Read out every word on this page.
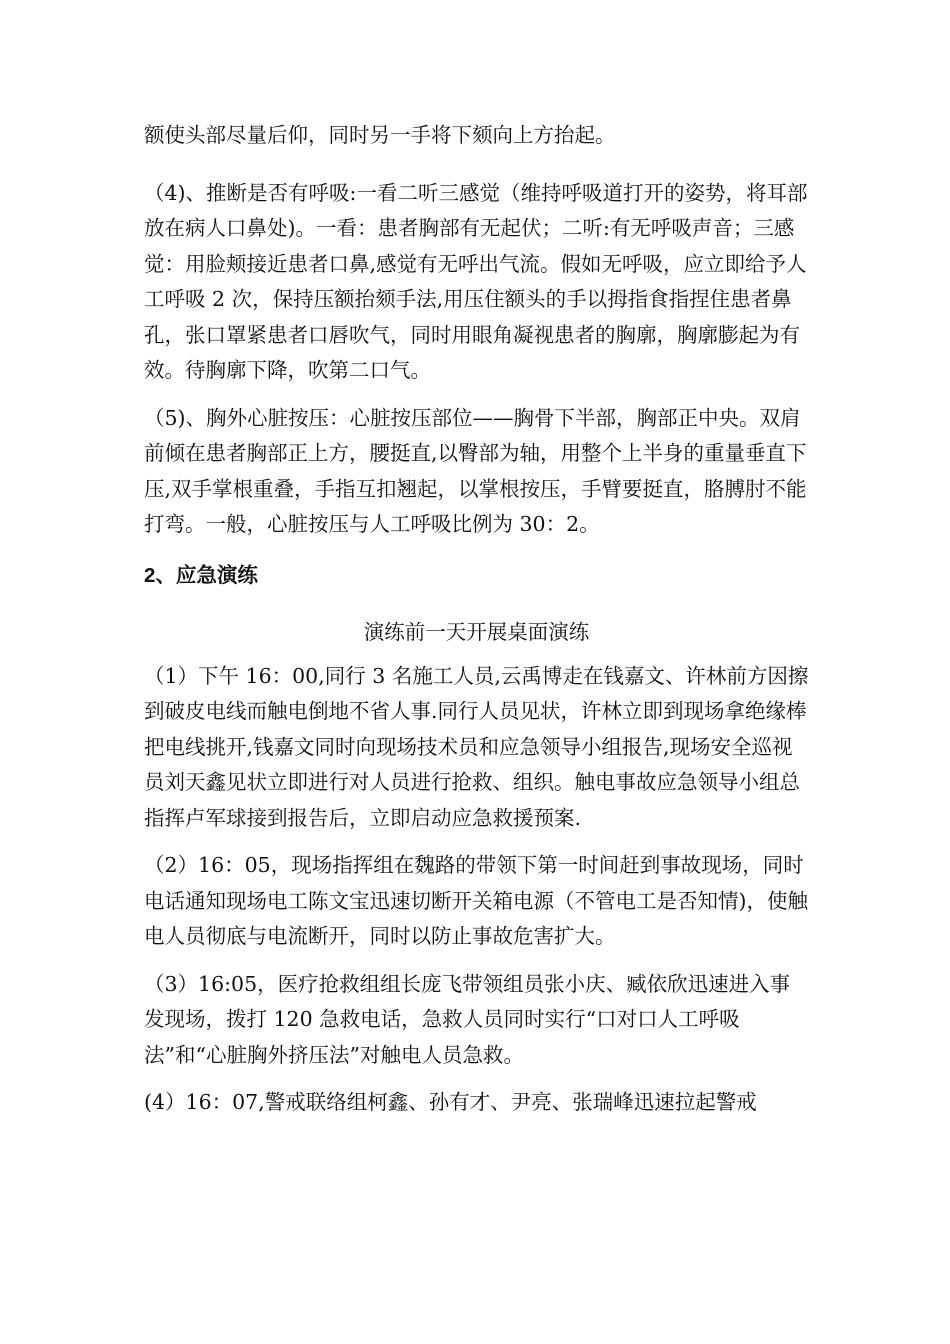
额使头部尽量后仰，同时另一手将下颏向上方抬起。

（4)、推断是否有呼吸:一看二听三感觉（维持呼吸道打开的姿势，将耳部放在病人口鼻处)。一看：患者胸部有无起伏；二听:有无呼吸声音；三感觉：用脸颊接近患者口鼻,感觉有无呼出气流。假如无呼吸，应立即给予人工呼吸 2 次，保持压额抬颏手法,用压住额头的手以拇指食指捏住患者鼻孔，张口罩紧患者口唇吹气，同时用眼角凝视患者的胸廓，胸廓膨起为有效。待胸廓下降，吹第二口气。

（5)、胸外心脏按压：心脏按压部位——胸骨下半部，胸部正中央。双肩前倾在患者胸部正上方，腰挺直,以臀部为轴，用整个上半身的重量垂直下压,双手掌根重叠，手指互扣翘起，以掌根按压，手臂要挺直，胳膊肘不能打弯。一般，心脏按压与人工呼吸比例为 30：2。

2、应急演练
演练前一天开展桌面演练

（1）下午 16：00,同行 3 名施工人员,云禹博走在钱嘉文、许林前方因擦到破皮电线而触电倒地不省人事.同行人员见状，许林立即到现场拿绝缘棒把电线挑开,钱嘉文同时向现场技术员和应急领导小组报告,现场安全巡视员刘天鑫见状立即进行对人员进行抢救、组织。触电事故应急领导小组总指挥卢军球接到报告后，立即启动应急救援预案.

（2）16：05，现场指挥组在魏路的带领下第一时间赶到事故现场，同时电话通知现场电工陈文宝迅速切断开关箱电源（不管电工是否知情)，使触电人员彻底与电流断开，同时以防止事故危害扩大。

（3）16:05，医疗抢救组组长庞飞带领组员张小庆、臧依欣迅速进入事发现场，拨打 120 急救电话，急救人员同时实行“口对口人工呼吸法”和“心脏胸外挤压法”对触电人员急救。

(4）16：07,警戒联络组柯鑫、孙有才、尹亮、张瑞峰迅速拉起警戒
